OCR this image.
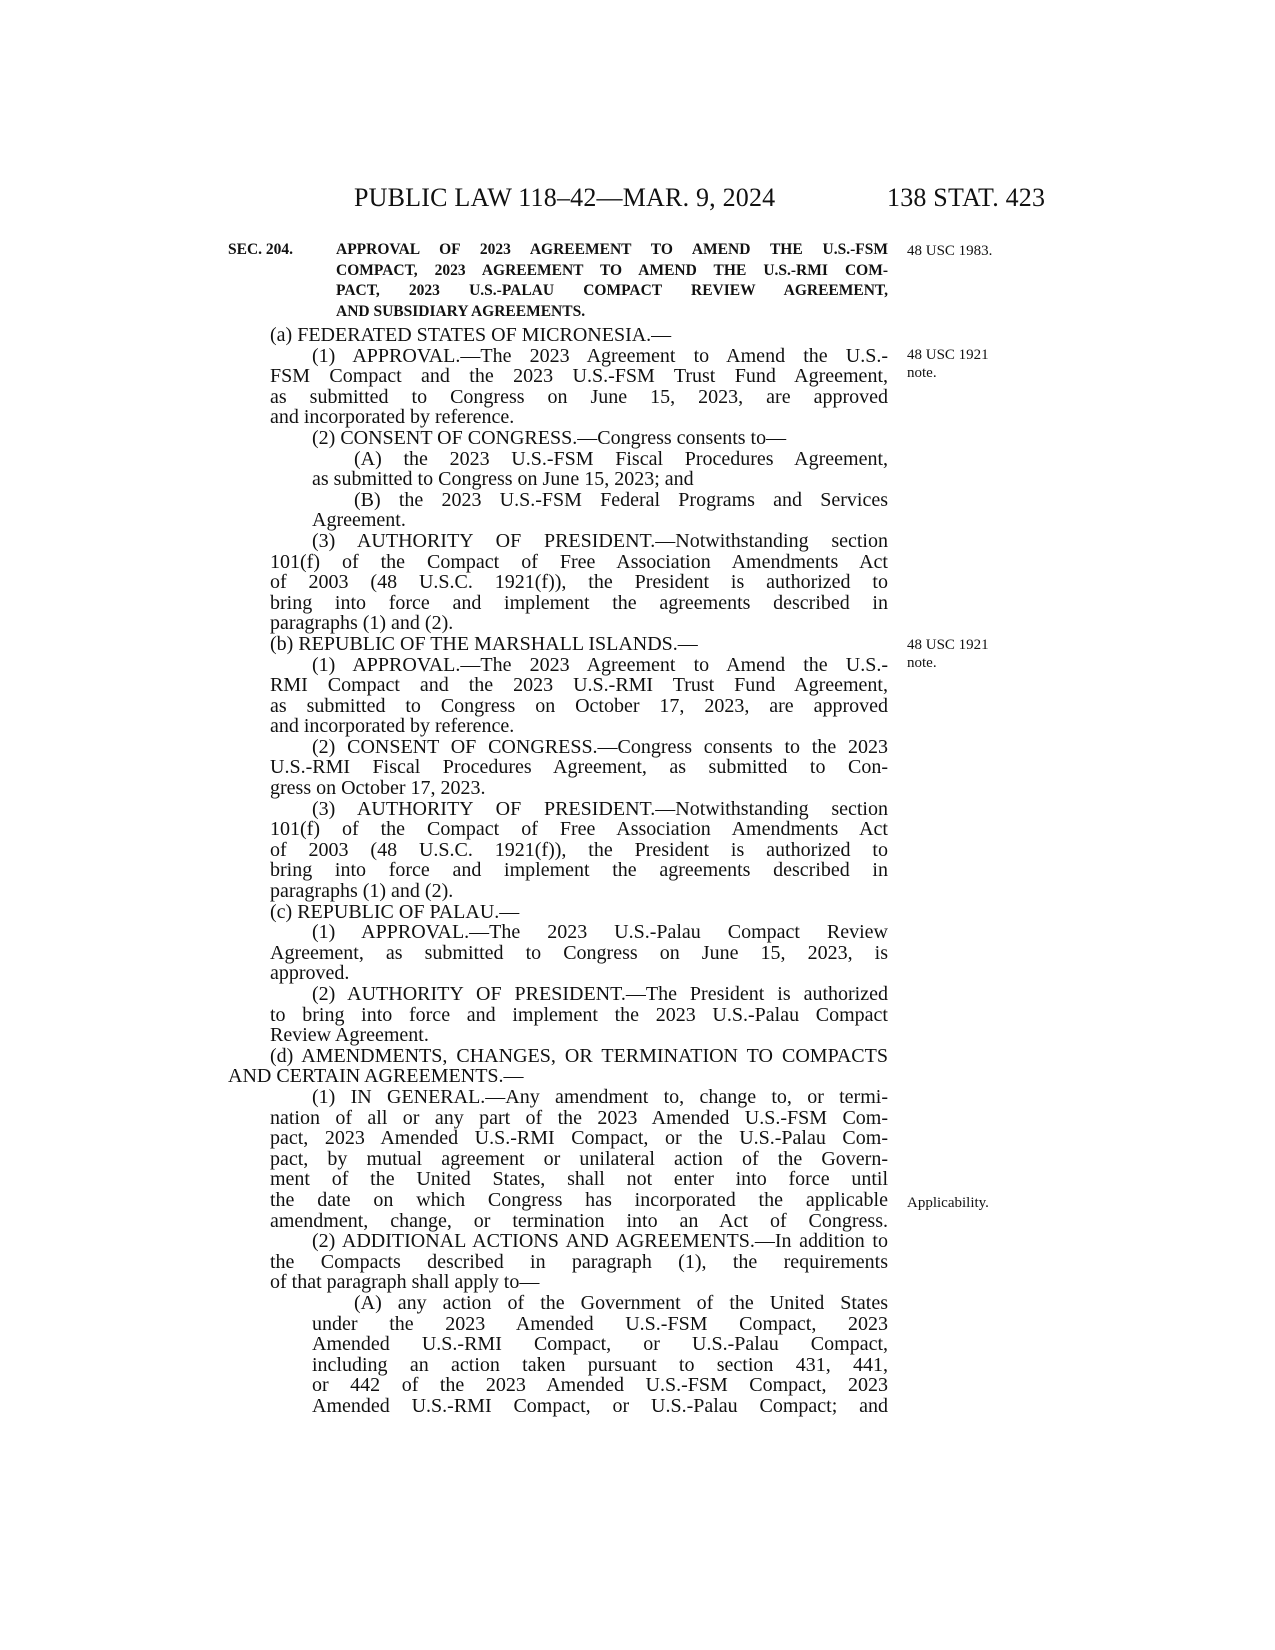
PUBLIC LAW 118–42—MAR. 9, 2024	138 STAT. 423
SEC. 204.	APPROVAL OF 2023 AGREEMENT TO AMEND THE U.S.-FSM
COMPACT, 2023 AGREEMENT TO AMEND THE U.S.-RMI COM-
PACT, 2023 U.S.-PALAU COMPACT REVIEW AGREEMENT,
AND SUBSIDIARY AGREEMENTS.
48 USC 1983.
48 USC 1921
note.
48 USC 1921
note.
Applicability.
(a) FEDERATED STATES OF MICRONESIA.—
(1) APPROVAL.—The 2023 Agreement to Amend the U.S.-
FSM Compact and the 2023 U.S.-FSM Trust Fund Agreement,
as submitted to Congress on June 15, 2023, are approved
and incorporated by reference.
(2) CONSENT OF CONGRESS.—Congress consents to—
(A) the 2023 U.S.-FSM Fiscal Procedures Agreement,
as submitted to Congress on June 15, 2023; and
(B) the 2023 U.S.-FSM Federal Programs and Services
Agreement.
(3) AUTHORITY OF PRESIDENT.—Notwithstanding section
101(f) of the Compact of Free Association Amendments Act
of 2003 (48 U.S.C. 1921(f)), the President is authorized to
bring into force and implement the agreements described in
paragraphs (1) and (2).
(b) REPUBLIC OF THE MARSHALL ISLANDS.—
(1) APPROVAL.—The 2023 Agreement to Amend the U.S.-
RMI Compact and the 2023 U.S.-RMI Trust Fund Agreement,
as submitted to Congress on October 17, 2023, are approved
and incorporated by reference.
(2) CONSENT OF CONGRESS.—Congress consents to the 2023
U.S.-RMI Fiscal Procedures Agreement, as submitted to Con-
gress on October 17, 2023.
(3) AUTHORITY OF PRESIDENT.—Notwithstanding section
101(f) of the Compact of Free Association Amendments Act
of 2003 (48 U.S.C. 1921(f)), the President is authorized to
bring into force and implement the agreements described in
paragraphs (1) and (2).
(c) REPUBLIC OF PALAU.—
(1) APPROVAL.—The 2023 U.S.-Palau Compact Review
Agreement, as submitted to Congress on June 15, 2023, is
approved.
(2) AUTHORITY OF PRESIDENT.—The President is authorized
to bring into force and implement the 2023 U.S.-Palau Compact
Review Agreement.
(d) AMENDMENTS, CHANGES, OR TERMINATION TO COMPACTS
AND CERTAIN AGREEMENTS.—
(1) IN GENERAL.—Any amendment to, change to, or termi-
nation of all or any part of the 2023 Amended U.S.-FSM Com-
pact, 2023 Amended U.S.-RMI Compact, or the U.S.-Palau Com-
pact, by mutual agreement or unilateral action of the Govern-
ment of the United States, shall not enter into force until
the date on which Congress has incorporated the applicable
amendment, change, or termination into an Act of Congress.
(2) ADDITIONAL ACTIONS AND AGREEMENTS.—In addition to
the Compacts described in paragraph (1), the requirements
of that paragraph shall apply to—
(A) any action of the Government of the United States
under the 2023 Amended U.S.-FSM Compact, 2023
Amended U.S.-RMI Compact, or U.S.-Palau Compact,
including an action taken pursuant to section 431, 441,
or 442 of the 2023 Amended U.S.-FSM Compact, 2023
Amended U.S.-RMI Compact, or U.S.-Palau Compact; and
